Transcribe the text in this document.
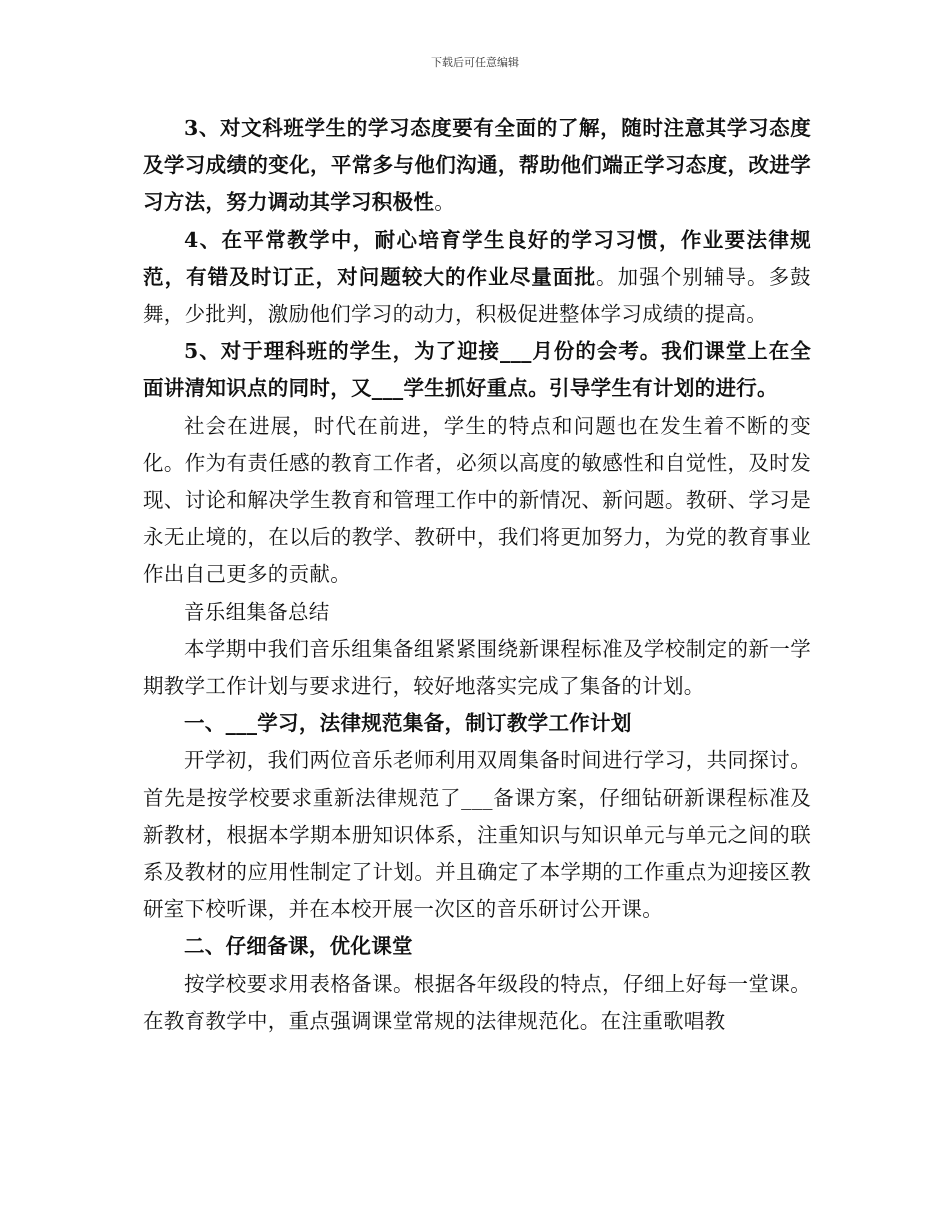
下载后可任意编辑

3、对文科班学生的学习态度要有全面的了解，随时注意其学习态度及学习成绩的变化，平常多与他们沟通，帮助他们端正学习态度，改进学习方法，努力调动其学习积极性。

4、在平常教学中，耐心培育学生良好的学习习惯，作业要法律规范，有错及时订正，对问题较大的作业尽量面批。加强个别辅导。多鼓舞，少批判，激励他们学习的动力，积极促进整体学习成绩的提高。

5、对于理科班的学生，为了迎接___月份的会考。我们课堂上在全面讲清知识点的同时，又___学生抓好重点。引导学生有计划的进行。

社会在进展，时代在前进，学生的特点和问题也在发生着不断的变化。作为有责任感的教育工作者，必须以高度的敏感性和自觉性，及时发现、讨论和解决学生教育和管理工作中的新情况、新问题。教研、学习是永无止境的，在以后的教学、教研中，我们将更加努力，为党的教育事业作出自己更多的贡献。

音乐组集备总结

本学期中我们音乐组集备组紧紧围绕新课程标准及学校制定的新一学期教学工作计划与要求进行，较好地落实完成了集备的计划。

一、___学习，法律规范集备，制订教学工作计划

开学初，我们两位音乐老师利用双周集备时间进行学习，共同探讨。首先是按学校要求重新法律规范了___备课方案，仔细钻研新课程标准及新教材，根据本学期本册知识体系，注重知识与知识单元与单元之间的联系及教材的应用性制定了计划。并且确定了本学期的工作重点为迎接区教研室下校听课，并在本校开展一次区的音乐研讨公开课。

二、仔细备课，优化课堂

按学校要求用表格备课。根据各年级段的特点，仔细上好每一堂课。在教育教学中，重点强调课堂常规的法律规范化。在注重歌唱教
